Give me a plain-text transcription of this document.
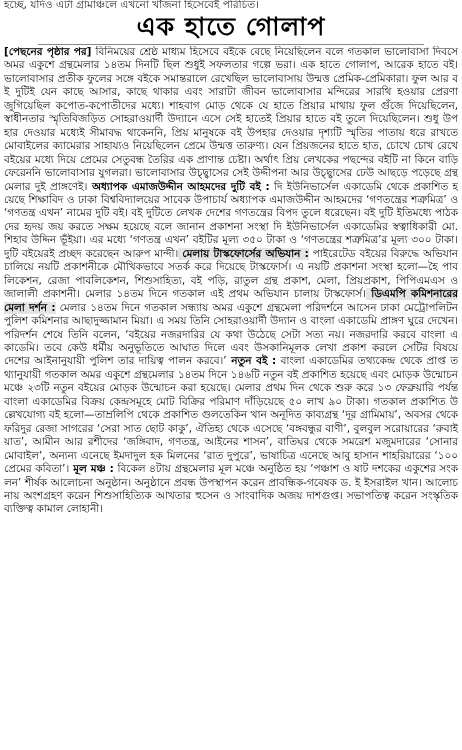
হচ্ছে, যদিও এটা গ্রামাঞ্চলে এখনো খাঁজনা হিসেবেই পরিচিত।
এক হাতে গোলাপ
[পেছনের পৃষ্ঠার পর] বিনিময়ের শ্রেষ্ঠ মাধ্যম হিসেবে বইকে বেছে নিয়েছিলেন বলে গতকাল ভালোবাসা দিবসে অমর একুশে গ্রন্থমেলার ১৪তম দিনটি ছিল শুধুই সফলতার গল্পে ভরা। এক হাতে গোলাপ, আরেক হাতে বই। ভালোবাসার প্রতীক ফুলের সঙ্গে বইকে সমান্তরালে রেখেছিল ভালোবাসায় উন্মত্ত প্রেমিক-প্রেমিকারা। ফুল আর বই দুটিই যেন কাছে আসার, কাছে থাকার এবং সারাটা জীবন ভালোবাসার মন্দিরের সারথি হওয়ার প্রেরণা জুগিয়েছিল কপোত-কপোতীদের মধ্যে। শাহবাগ মোড় থেকে যে হাতে প্রিয়ার মাথায় ফুল গুঁজে দিয়েছিলেন, স্বাধীনতার স্মৃতিবিজড়িত সোহরাওয়ার্দী উদ্যানে এসে সেই হাতেই প্রিয়ার হাতে বই তুলে দিয়েছিলেন। শুধু উপহার দেওয়ার মধ্যেই সীমাবদ্ধ থাকেননি, প্রিয় মানুষকে বই উপহার দেওয়ার দৃশ্যটি স্মৃতির পাতায় ধরে রাখতে মোবাইলের ক্যামেরার সাহায্যও নিয়েছিলেন প্রেমে উন্মত্ত তারুণ্য। যেন প্রিয়জনের হাতে হাত, চোখে চোখ রেখে বইয়ের মধ্যে দিয়ে প্রেমের সেতুবন্ধ তৈরির এক প্রাণান্ত চেষ্টা। অর্থাৎ প্রিয় লেখকের পছন্দের বইটি না কিনে বাড়ি ফেরেননি ভালোবাসার যুগলরা। ভালোবাসার উচ্ছ্বাসের সেই উদ্দীপনা আর উচ্ছ্বাসের ঢেউ আছড়ে পড়েছে গ্রন্থমেলার দুই প্রাঙ্গণেই। অধ্যাপক এমাজউদ্দীন আহমদের দুটি বই : দি ইউনিভার্সেল একাডেমি থেকে প্রকাশিত হয়েছে শিক্ষাবিদ ও ঢাকা বিশ্ববিদ্যালয়ের সাবেক উপাচার্য অধ্যাপক এমাজউদ্দীন আহমদের ‘গণতন্ত্রের শত্রুমিত্র’ ও ‘গণতন্ত্র এখন’ নামের দুটি বই। বই দুটিতে লেখক দেশের গণতন্ত্রের বিপদ তুলে ধরেছেন। বই দুটি ইতিমধ্যে পাঠকদের হৃদয় জয় করতে সক্ষম হয়েছে বলে জানান প্রকাশনা সংস্থা দি ইউনিভার্সেল একাডেমির স্বত্বাধিকারী মো. শিহাব উদ্দিন ভূঁইয়া। এর মধ্যে ‘গণতন্ত্র এখন’ বইটির মূল্য ৩৫০ টাকা ও ‘গণতন্ত্রের শত্রুমিত্র’র মূল্য ৩০০ টাকা। দুটি বইয়েরই প্রচ্ছদ করেছেন আরুপ মান্দী। মেলায় টাস্কফোর্সের অভিযান : পাইরেটেড বইয়ের বিরুদ্ধে অভিযান চালিয়ে নয়টি প্রকাশনীকে মৌখিকভাবে সতর্ক করে দিয়েছে টাস্কফোর্স। এ নয়টি প্রকাশনা সংস্থা হলো—হৈ পাবলিকেশন, রেজা পাবলিকেশন, শিশুসাহিত্য, বই পড়ি, রাতুল গ্রন্থ প্রকাশ, মেলা, প্রিয়প্রকাশ, পিপিএমএস ও জালালী প্রকাশনী। মেলার ১৪তম দিনে গতকাল এই প্রথম অভিযান চালায় টাস্কফোর্স। ডিএমপি কমিশনারের মেলা দর্শন : মেলার ১৪তম দিনে গতকাল সন্ধ্যায় অমর একুশে গ্রন্থমেলা পরিদর্শনে আসেন ঢাকা মেট্রোপলিটন পুলিশ কমিশনার আছাদুজ্জামান মিয়া। এ সময় তিনি সোহরাওয়ার্দী উদ্যান ও বাংলা একাডেমি প্রাঙ্গণ ঘুরে দেখেন। পরিদর্শন শেষে তিনি বলেন, ‘বইয়ের নজরদারির যে কথা উঠেছে সেটা সত্য নয়। নজরদারি করবে বাংলা একাডেমি। তবে কেউ ধর্মীয় অনুভূতিতে আঘাত দিলে এবং উসকানিমূলক লেখা প্রকাশ করলে সেটির বিষয়ে দেশের আইনানুযায়ী পুলিশ তার দায়িত্ব পালন করবে।’ নতুন বই : বাংলা একাডেমির তথ্যকেন্দ্র থেকে প্রাপ্ত তথ্যানুযায়ী গতকাল অমর একুশে গ্রন্থমেলার ১৪তম দিনে ১৪৬টি নতুন বই প্রকাশিত হয়েছে এবং মোড়ক উন্মোচন মঞ্চে ২৩টি নতুন বইয়ের মোড়ক উন্মোচন করা হয়েছে। মেলার প্রথম দিন থেকে শুরু করে ১৩ ফেব্রুয়ারি পর্যন্ত বাংলা একাডেমির বিক্রয় কেন্দ্রসমূহে মোট বিক্রির পরিমাণ দাঁড়িয়েছে ৫০ লাখ ৯০ টাকা। গতকাল প্রকাশিত উল্লেখযোগ্য বই হলো—তাম্রলিপি থেকে প্রকাশিত গুলতেকিন খান অনূদিত কাব্যগ্রন্থ ‘দূর গ্রামিমায়’, অবসর থেকে ফরিদুর রেজা সাগরের ‘সেরা সাত ছোট কাকু’, ঐতিহ্য থেকে এসেছে ‘বঙ্গবন্ধুর বাণী’, বুলবুল সরোয়ারের ‘রুবাইয়াত’, আমীন আর রশীদের ‘জঙ্গিবাদ, গণতন্ত্র, আইনের শাসন’, বাতিঘর থেকে সমরেশ মজুমদারের ‘সোনার মোবাইল’, অন্যন্য এনেছে ইমদাদুল হক মিলনের ‘রাত দুপুরে’, ভাষাচিত্র এনেছে আবু হাসান শাহরিয়ারের ‘১০০ প্রেমের কবিতা’। মূল মঞ্চ : বিকেল ৪টায় গ্রন্থমেলার মূল মঞ্চে অনুষ্ঠিত হয় ‘পঞ্চাশ ও ষাট দশকের একুশের সংকলন’ শীর্ষক আলোচনা অনুষ্ঠান। অনুষ্ঠানে প্রবন্ধ উপস্থাপন করেন প্রাবন্ধিক-গবেষক ড. ই ইসরাইল খান। আলোচনায় অংশগ্রহণ করেন শিশুসাহিত্যিক আখতার হুসেন ও সাংবাদিক অজয় দাশগুপ্ত। সভাপতিত্ব করেন সংস্কৃতিক ব্যক্তিত্ব কামাল লোহানী।
